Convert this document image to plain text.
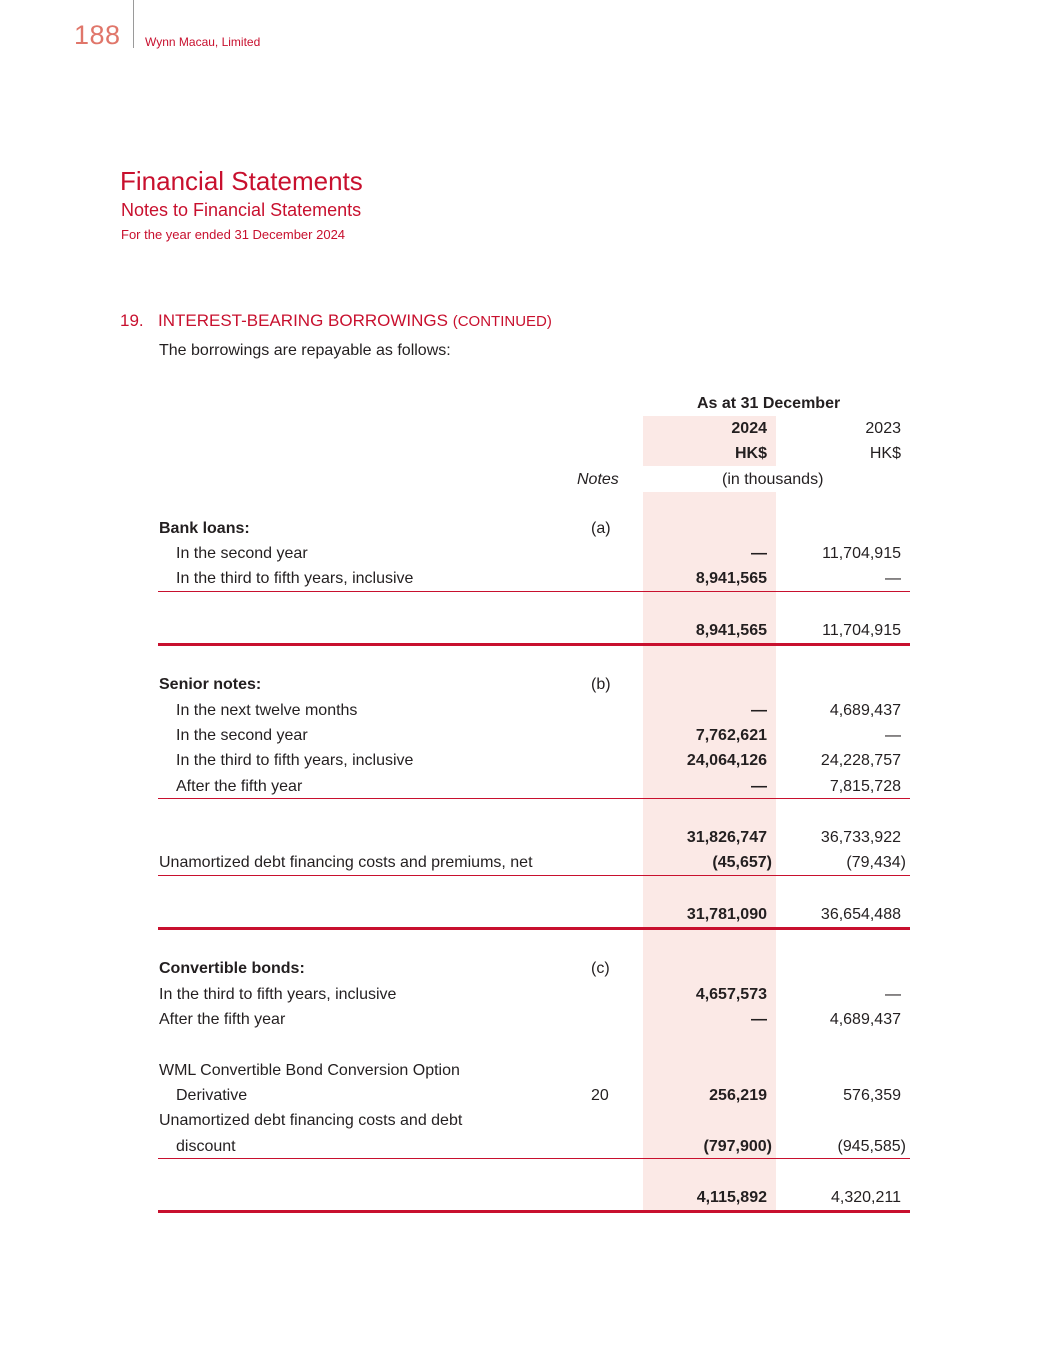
188 Wynn Macau, Limited
Financial Statements
Notes to Financial Statements
For the year ended 31 December 2024
19. INTEREST-BEARING BORROWINGS (CONTINUED)
The borrowings are repayable as follows:
As at 31 December
2024	2023
HK$	HK$
Notes	(in thousands)
Bank loans:	(a)
In the second year	—	11,704,915
In the third to fifth years, inclusive	8,941,565	—
8,941,565	11,704,915
Senior notes:	(b)
In the next twelve months	—	4,689,437
In the second year	7,762,621	—
In the third to fifth years, inclusive	24,064,126	24,228,757
After the fifth year	—	7,815,728
31,826,747	36,733,922
Unamortized debt financing costs and premiums, net	(45,657)	(79,434)
31,781,090	36,654,488
Convertible bonds:	(c)
In the third to fifth years, inclusive	4,657,573	—
After the fifth year	—	4,689,437
WML Convertible Bond Conversion Option
Derivative	20	256,219	576,359
Unamortized debt financing costs and debt
discount	(797,900)	(945,585)
4,115,892	4,320,211
